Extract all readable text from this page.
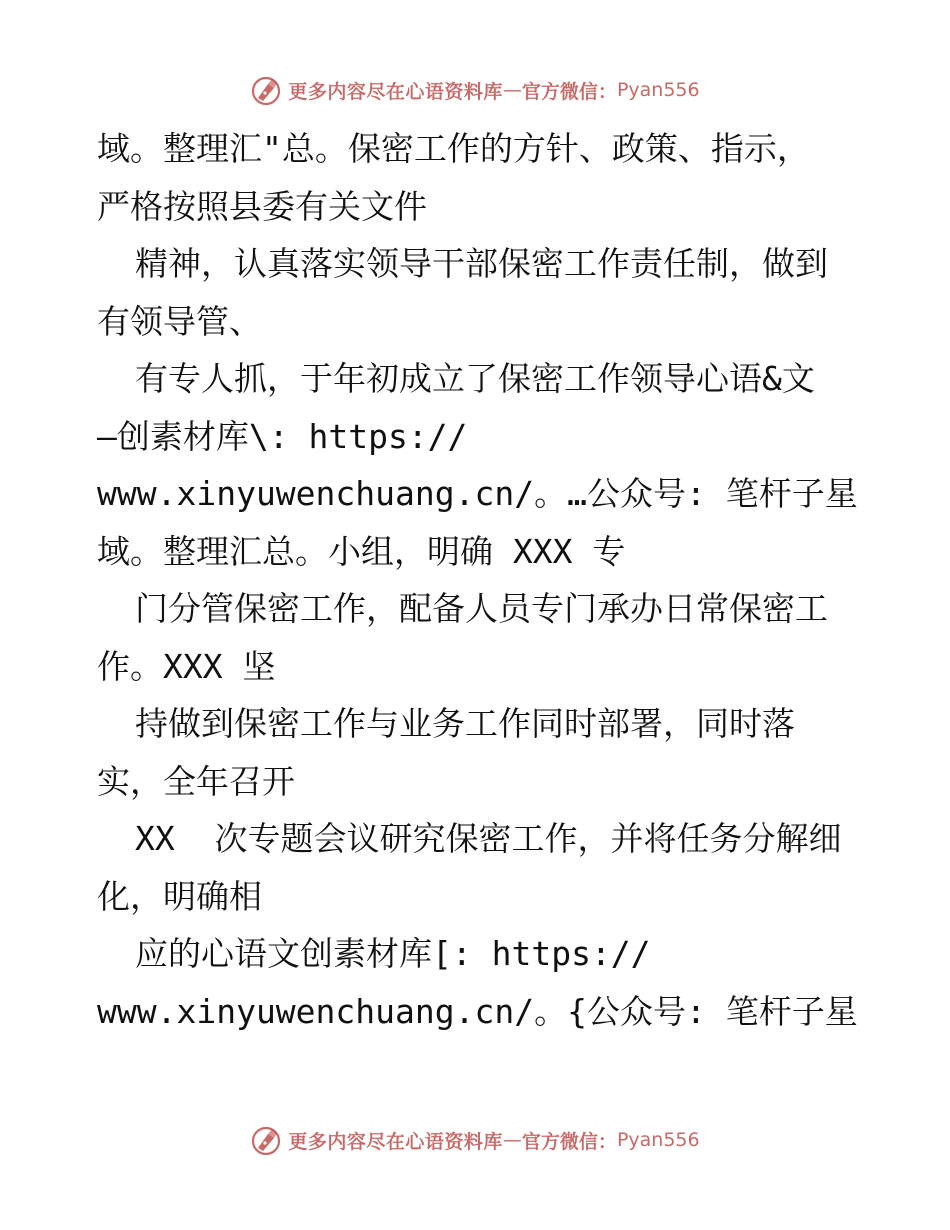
更多内容尽在心语资料库 — 官方微信： Pyan556
域。整理汇"总。保密工作的方针、政策、指示，
严格按照县委有关文件
精神，认真落实领导干部保密工作责任制，做到
有领导管、
有专人抓，于年初成立了保密工作领导心语&文
—创素材库\: https://
www.xinyuwenchuang.cn/。…公众号: 笔杆子星
域。整理汇总。小组，明确 XXX 专
门分管保密工作，配备人员专门承办日常保密工
作。XXX 坚
持做到保密工作与业务工作同时部署，同时落
实，全年召开
XX  次专题会议研究保密工作，并将任务分解细
化，明确相
应的心语文创素材库[: https://
www.xinyuwenchuang.cn/。{公众号: 笔杆子星
更多内容尽在心语资料库 — 官方微信： Pyan556
